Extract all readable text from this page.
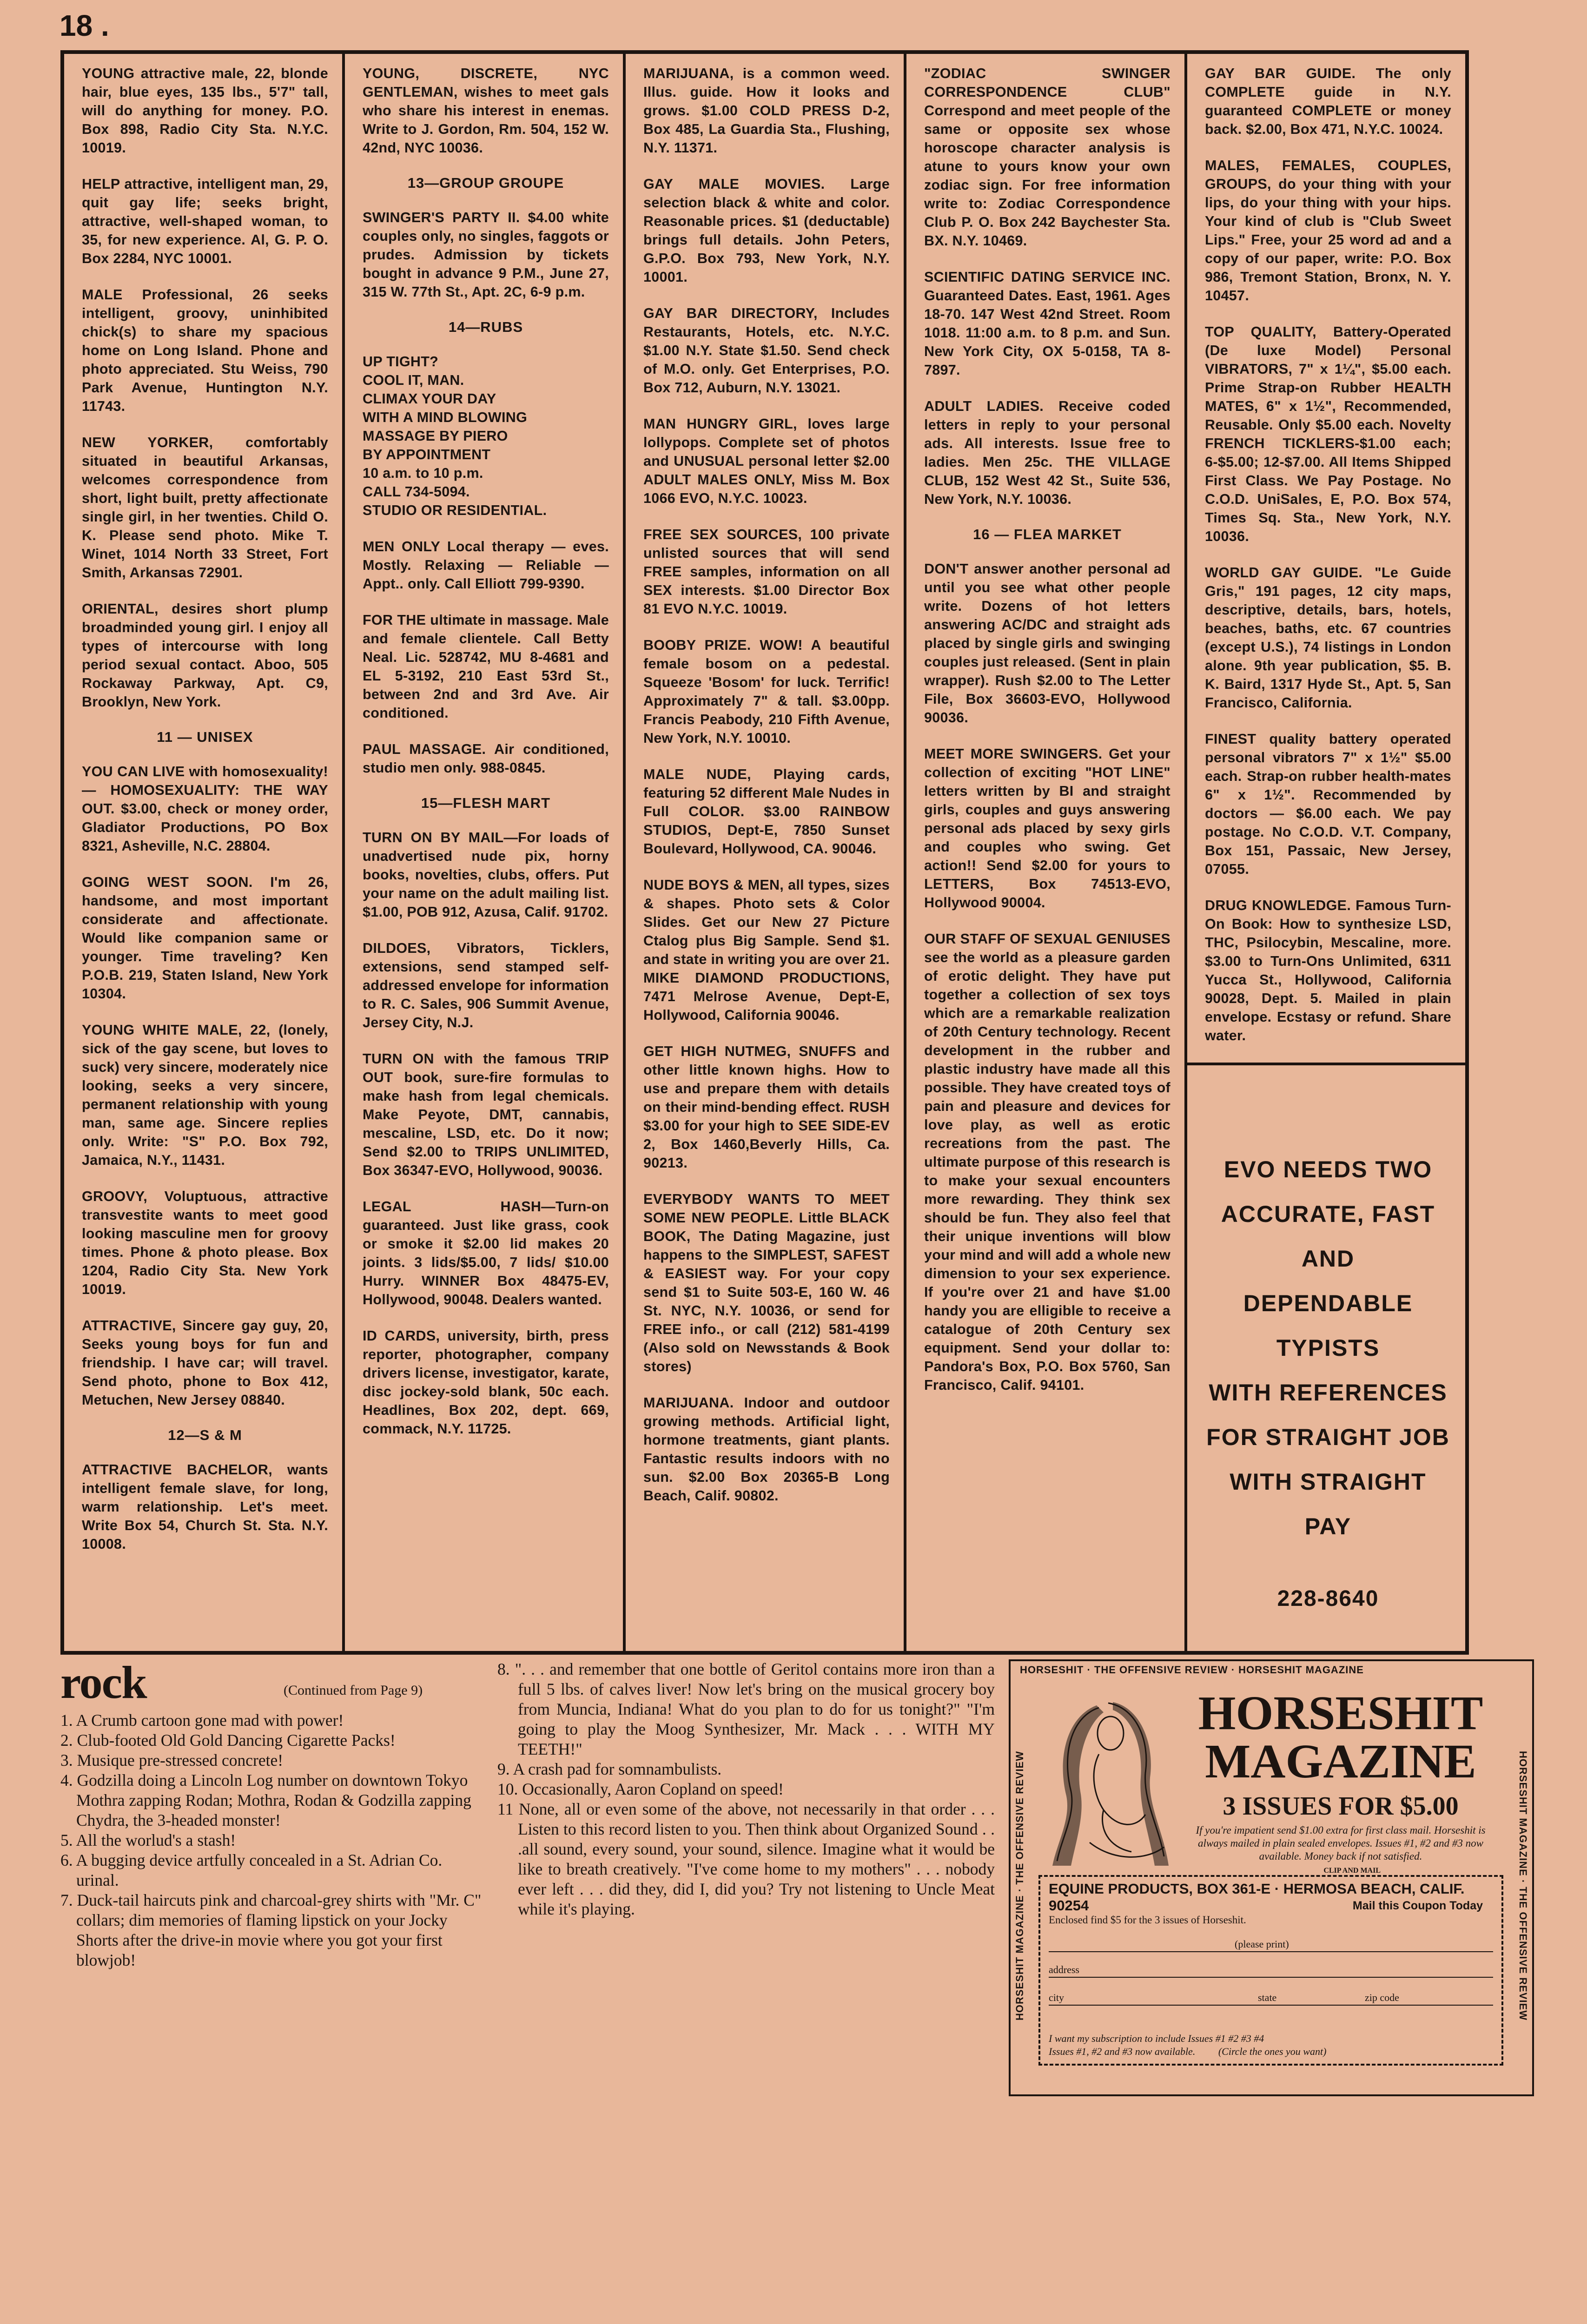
18 .
YOUNG attractive male, 22, blonde hair, blue eyes, 135 lbs., 5'7" tall, will do anything for money. P.O. Box 898, Radio City Sta. N.Y.C. 10019.
HELP attractive, intelligent man, 29, quit gay life; seeks bright, attractive, well-shaped woman, to 35, for new experience. Al, G. P. O. Box 2284, NYC 10001.
MALE Professional, 26 seeks intelligent, groovy, uninhibited chick(s) to share my spacious home on Long Island. Phone and photo appreciated. Stu Weiss, 790 Park Avenue, Huntington N.Y. 11743.
NEW YORKER, comfortably situated in beautiful Arkansas, welcomes correspondence from short, light built, pretty affectionate single girl, in her twenties. Child O. K. Please send photo. Mike T. Winet, 1014 North 33 Street, Fort Smith, Arkansas 72901.
ORIENTAL, desires short plump broadminded young girl. I enjoy all types of intercourse with long period sexual contact. Aboo, 505 Rockaway Parkway, Apt. C9, Brooklyn, New York.
11 — UNISEX
YOU CAN LIVE with homosexuality! — HOMOSEXUALITY: THE WAY OUT. $3.00, check or money order, Gladiator Productions, PO Box 8321, Asheville, N.C. 28804.
GOING WEST SOON. I'm 26, handsome, and most important considerate and affectionate. Would like companion same or younger. Time traveling? Ken P.O.B. 219, Staten Island, New York 10304.
YOUNG WHITE MALE, 22, (lonely, sick of the gay scene, but loves to suck) very sincere, moderately nice looking, seeks a very sincere, permanent relationship with young man, same age. Sincere replies only. Write: "S" P.O. Box 792, Jamaica, N.Y., 11431.
GROOVY, Voluptuous, attractive transvestite wants to meet good looking masculine men for groovy times. Phone & photo please. Box 1204, Radio City Sta. New York 10019.
ATTRACTIVE, Sincere gay guy, 20, Seeks young boys for fun and friendship. I have car; will travel. Send photo, phone to Box 412, Metuchen, New Jersey 08840.
12—S & M
ATTRACTIVE BACHELOR, wants intelligent female slave, for long, warm relationship. Let's meet. Write Box 54, Church St. Sta. N.Y. 10008.
YOUNG, DISCRETE, NYC GENTLEMAN, wishes to meet gals who share his interest in enemas. Write to J. Gordon, Rm. 504, 152 W. 42nd, NYC 10036.
13—GROUP GROUPE
SWINGER'S PARTY II. $4.00 white couples only, no singles, faggots or prudes. Admission by tickets bought in advance 9 P.M., June 27, 315 W. 77th St., Apt. 2C, 6-9 p.m.
14—RUBS
UP TIGHT?
COOL IT, MAN.
CLIMAX YOUR DAY
WITH A MIND BLOWING
MASSAGE BY PIERO
BY APPOINTMENT
10 a.m. to 10 p.m.
CALL 734-5094.
STUDIO OR RESIDENTIAL.
MEN ONLY Local therapy — eves. Mostly. Relaxing — Reliable — Appt.. only. Call Elliott 799-9390.
FOR THE ultimate in massage. Male and female clientele. Call Betty Neal. Lic. 528742, MU 8-4681 and EL 5-3192, 210 East 53rd St., between 2nd and 3rd Ave. Air conditioned.
PAUL MASSAGE. Air conditioned, studio men only. 988-0845.
15—FLESH MART
TURN ON BY MAIL—For loads of unadvertised nude pix, horny books, novelties, clubs, offers. Put your name on the adult mailing list. $1.00, POB 912, Azusa, Calif. 91702.
DILDOES, Vibrators, Ticklers, extensions, send stamped self-addressed envelope for information to R. C. Sales, 906 Summit Avenue, Jersey City, N.J.
TURN ON with the famous TRIP OUT book, sure-fire formulas to make hash from legal chemicals. Make Peyote, DMT, cannabis, mescaline, LSD, etc. Do it now; Send $2.00 to TRIPS UNLIMITED, Box 36347-EVO, Hollywood, 90036.
LEGAL HASH—Turn-on guaranteed. Just like grass, cook or smoke it $2.00 lid makes 20 joints. 3 lids/$5.00, 7 lids/ $10.00 Hurry. WINNER Box 48475-EV, Hollywood, 90048. Dealers wanted.
ID CARDS, university, birth, press reporter, photographer, company drivers license, investigator, karate, disc jockey-sold blank, 50c each. Headlines, Box 202, dept. 669, commack, N.Y. 11725.
MARIJUANA, is a common weed. Illus. guide. How it looks and grows. $1.00 COLD PRESS D-2, Box 485, La Guardia Sta., Flushing, N.Y. 11371.
GAY MALE MOVIES. Large selection black & white and color. Reasonable prices. $1 (deductable) brings full details. John Peters, G.P.O. Box 793, New York, N.Y. 10001.
GAY BAR DIRECTORY, Includes Restaurants, Hotels, etc. N.Y.C. $1.00 N.Y. State $1.50. Send check of M.O. only. Get Enterprises, P.O. Box 712, Auburn, N.Y. 13021.
MAN HUNGRY GIRL, loves large lollypops. Complete set of photos and UNUSUAL personal letter $2.00 ADULT MALES ONLY, Miss M. Box 1066 EVO, N.Y.C. 10023.
FREE SEX SOURCES, 100 private unlisted sources that will send FREE samples, information on all SEX interests. $1.00 Director Box 81 EVO N.Y.C. 10019.
BOOBY PRIZE. WOW! A beautiful female bosom on a pedestal. Squeeze 'Bosom' for luck. Terrific! Approximately 7" & tall. $3.00pp. Francis Peabody, 210 Fifth Avenue, New York, N.Y. 10010.
MALE NUDE, Playing cards, featuring 52 different Male Nudes in Full COLOR. $3.00 RAINBOW STUDIOS, Dept-E, 7850 Sunset Boulevard, Hollywood, CA. 90046.
NUDE BOYS & MEN, all types, sizes & shapes. Photo sets & Color Slides. Get our New 27 Picture Ctalog plus Big Sample. Send $1. and state in writing you are over 21. MIKE DIAMOND PRODUCTIONS, 7471 Melrose Avenue, Dept-E, Hollywood, California 90046.
GET HIGH NUTMEG, SNUFFS and other little known highs. How to use and prepare them with details on their mind-bending effect. RUSH $3.00 for your high to SEE SIDE-EV 2, Box 1460,Beverly Hills, Ca. 90213.
EVERYBODY WANTS TO MEET SOME NEW PEOPLE. Little BLACK BOOK, The Dating Magazine, just happens to the SIMPLEST, SAFEST & EASIEST way. For your copy send $1 to Suite 503-E, 160 W. 46 St. NYC, N.Y. 10036, or send for FREE info., or call (212) 581-4199 (Also sold on Newsstands & Book stores)
MARIJUANA. Indoor and outdoor growing methods. Artificial light, hormone treatments, giant plants. Fantastic results indoors with no sun. $2.00 Box 20365-B Long Beach, Calif. 90802.
"ZODIAC SWINGER CORRESPONDENCE CLUB" Correspond and meet people of the same or opposite sex whose horoscope character analysis is atune to yours know your own zodiac sign. For free information write to: Zodiac Correspondence Club P. O. Box 242 Baychester Sta. BX. N.Y. 10469.
SCIENTIFIC DATING SERVICE INC. Guaranteed Dates. East, 1961. Ages 18-70. 147 West 42nd Street. Room 1018. 11:00 a.m. to 8 p.m. and Sun. New York City, OX 5-0158, TA 8-7897.
ADULT LADIES. Receive coded letters in reply to your personal ads. All interests. Issue free to ladies. Men 25c. THE VILLAGE CLUB, 152 West 42 St., Suite 536, New York, N.Y. 10036.
16 — FLEA MARKET
DON'T answer another personal ad until you see what other people write. Dozens of hot letters answering AC/DC and straight ads placed by single girls and swinging couples just released. (Sent in plain wrapper). Rush $2.00 to The Letter File, Box 36603-EVO, Hollywood 90036.
MEET MORE SWINGERS. Get your collection of exciting "HOT LINE" letters written by BI and straight girls, couples and guys answering personal ads placed by sexy girls and couples who swing. Get action!! Send $2.00 for yours to LETTERS, Box 74513-EVO, Hollywood 90004.
OUR STAFF OF SEXUAL GENIUSES see the world as a pleasure garden of erotic delight. They have put together a collection of sex toys which are a remarkable realization of 20th Century technology. Recent development in the rubber and plastic industry have made all this possible. They have created toys of pain and pleasure and devices for love play, as well as erotic recreations from the past. The ultimate purpose of this research is to make your sexual encounters more rewarding. They think sex should be fun. They also feel that their unique inventions will blow your mind and will add a whole new dimension to your sex experience. If you're over 21 and have $1.00 handy you are elligible to receive a catalogue of 20th Century sex equipment. Send your dollar to: Pandora's Box, P.O. Box 5760, San Francisco, Calif. 94101.
GAY BAR GUIDE. The only COMPLETE guide in N.Y. guaranteed COMPLETE or money back. $2.00, Box 471, N.Y.C. 10024.
MALES, FEMALES, COUPLES, GROUPS, do your thing with your lips, do your thing with your hips. Your kind of club is "Club Sweet Lips." Free, your 25 word ad and a copy of our paper, write: P.O. Box 986, Tremont Station, Bronx, N. Y. 10457.
TOP QUALITY, Battery-Operated (De luxe Model) Personal VIBRATORS, 7" x 1¼", $5.00 each. Prime Strap-on Rubber HEALTH MATES, 6" x 1½", Recommended, Reusable. Only $5.00 each. Novelty FRENCH TICKLERS-$1.00 each; 6-$5.00; 12-$7.00. All Items Shipped First Class. We Pay Postage. No C.O.D. UniSales, E, P.O. Box 574, Times Sq. Sta., New York, N.Y. 10036.
WORLD GAY GUIDE. "Le Guide Gris," 191 pages, 12 city maps, descriptive, details, bars, hotels, beaches, baths, etc. 67 countries (except U.S.), 74 listings in London alone. 9th year publication, $5. B. K. Baird, 1317 Hyde St., Apt. 5, San Francisco, California.
FINEST quality battery operated personal vibrators 7" x 1½" $5.00 each. Strap-on rubber health-mates 6" x 1½". Recommended by doctors — $6.00 each. We pay postage. No C.O.D. V.T. Company, Box 151, Passaic, New Jersey, 07055.
DRUG KNOWLEDGE. Famous Turn-On Book: How to synthesize LSD, THC, Psilocybin, Mescaline, more. $3.00 to Turn-Ons Unlimited, 6311 Yucca St., Hollywood, California 90028, Dept. 5. Mailed in plain envelope. Ecstasy or refund. Share water.

EVO NEEDS TWO
ACCURATE, FAST AND
DEPENDABLE TYPISTS
WITH REFERENCES
FOR STRAIGHT JOB
WITH STRAIGHT PAY

228-8640

rock	(Continued from Page 9)
1. A Crumb cartoon gone mad with power!
2. Club-footed Old Gold Dancing Cigarette Packs!
3. Musique pre-stressed concrete!
4. Godzilla doing a Lincoln Log number on downtown Tokyo Mothra zapping Rodan; Mothra, Rodan & Godzilla zapping Chydra, the 3-headed monster!
5. All the worlud's a stash!
6. A bugging device artfully concealed in a St. Adrian Co. urinal.
7. Duck-tail haircuts pink and charcoal-grey shirts with "Mr. C" collars; dim memories of flaming lipstick on your Jocky Shorts after the drive-in movie where you got your first blowjob!
8. ". . . and remember that one bottle of Geritol contains more iron than a full 5 lbs. of calves liver! Now let's bring on the musical grocery boy from Muncia, Indiana! What do you plan to do for us tonight?" "I'm going to play the Moog Synthesizer, Mr. Mack . . . WITH MY TEETH!"
9. A crash pad for somnambulists.
10. Occasionally, Aaron Copland on speed!
11 None, all or even some of the above, not necessarily in that order . . . Listen to this record listen to you. Then think about Organized Sound . . .all sound, every sound, your sound, silence. Imagine what it would be like to breath creatively. "I've come home to my mothers" . . . nobody ever left . . . did they, did I, did you? Try not listening to Uncle Meat while it's playing.
HORSESHIT · THE OFFENSIVE REVIEW · HORSESHIT MAGAZINE
HORSESHIT MAGAZINE · THE OFFENSIVE REVIEW	HORSESHIT MAGAZINE · THE OFFENSIVE REVIEW
HORSESHIT MAGAZINE
3 ISSUES FOR $5.00
If you're impatient send $1.00 extra for first class mail. Horseshit is always mailed in plain sealed envelopes. Issues #1, #2 and #3 now available. Money back if not satisfied.
CLIP AND MAIL
EQUINE PRODUCTS, BOX 361-E · HERMOSA BEACH, CALIF. 90254
Enclosed find $5 for the 3 issues of Horseshit.
Mail this Coupon Today
(please print)
address
city	state	zip code
I want my subscription to include Issues #1 #2 #3 #4
Issues #1, #2 and #3 now available. (Circle the ones you want)
